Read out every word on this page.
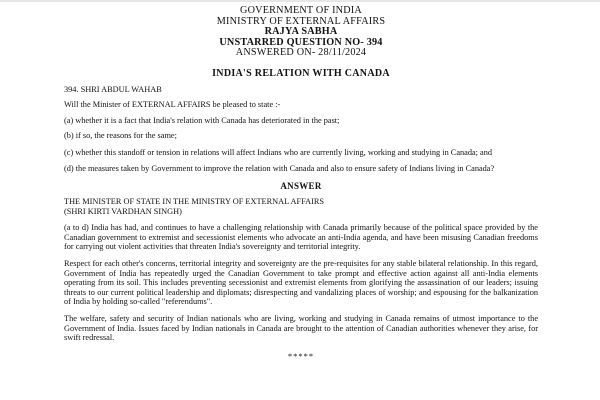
GOVERNMENT OF INDIA
MINISTRY OF EXTERNAL AFFAIRS
RAJYA SABHA
UNSTARRED QUESTION NO- 394
ANSWERED ON- 28/11/2024
INDIA'S RELATION WITH CANADA

394. SHRI ABDUL WAHAB

Will the Minister of EXTERNAL AFFAIRS be pleased to state :-

(a) whether it is a fact that India's relation with Canada has deteriorated in the past;

(b) if so, the reasons for the same;

(c) whether this standoff or tension in relations will affect Indians who are currently living, working and studying in Canada; and

(d) the measures taken by Government to improve the relation with Canada and also to ensure safety of Indians living in Canada?

ANSWER

THE MINISTER OF STATE IN THE MINISTRY OF EXTERNAL AFFAIRS

(SHRI KIRTI VARDHAN SINGH)

(a to d) India has had, and continues to have a challenging relationship with Canada primarily because of the political space provided by the Canadian government to extremist and secessionist elements who advocate an anti-India agenda, and have been misusing Canadian freedoms for carrying out violent activities that threaten India's sovereignty and territorial integrity.

Respect for each other's concerns, territorial integrity and sovereignty are the pre-requisites for any stable bilateral relationship. In this regard, Government of India has repeatedly urged the Canadian Government to take prompt and effective action against all anti-India elements operating from its soil. This includes preventing secessionist and extremist elements from glorifying the assassination of our leaders; issuing threats to our current political leadership and diplomats; disrespecting and vandalizing places of worship; and espousing for the balkanization of India by holding so-called "referendums".

The welfare, safety and security of Indian nationals who are living, working and studying in Canada remains of utmost importance to the Government of India. Issues faced by Indian nationals in Canada are brought to the attention of Canadian authorities whenever they arise, for swift redressal.

*****
